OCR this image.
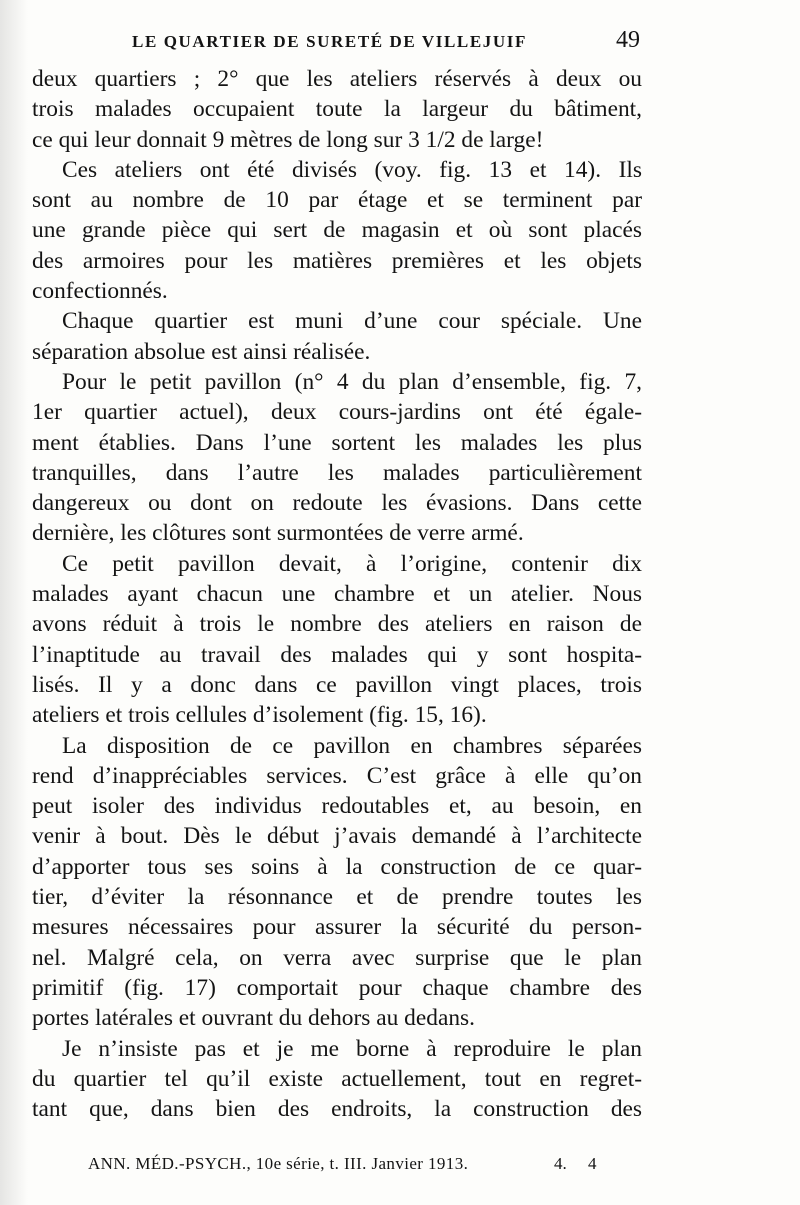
LE QUARTIER DE SURETÉ DE VILLEJUIF	49
deux quartiers ; 2° que les ateliers réservés à deux ou
trois malades occupaient toute la largeur du bâtiment,
ce qui leur donnait 9 mètres de long sur 3 1/2 de large!
Ces ateliers ont été divisés (voy. fig. 13 et 14). Ils
sont au nombre de 10 par étage et se terminent par
une grande pièce qui sert de magasin et où sont placés
des armoires pour les matières premières et les objets
confectionnés.
Chaque quartier est muni d’une cour spéciale. Une
séparation absolue est ainsi réalisée.
Pour le petit pavillon (n° 4 du plan d’ensemble, fig. 7,
1er quartier actuel), deux cours-jardins ont été égale-
ment établies. Dans l’une sortent les malades les plus
tranquilles, dans l’autre les malades particulièrement
dangereux ou dont on redoute les évasions. Dans cette
dernière, les clôtures sont surmontées de verre armé.
Ce petit pavillon devait, à l’origine, contenir dix
malades ayant chacun une chambre et un atelier. Nous
avons réduit à trois le nombre des ateliers en raison de
l’inaptitude au travail des malades qui y sont hospita-
lisés. Il y a donc dans ce pavillon vingt places, trois
ateliers et trois cellules d’isolement (fig. 15, 16).
La disposition de ce pavillon en chambres séparées
rend d’inappréciables services. C’est grâce à elle qu’on
peut isoler des individus redoutables et, au besoin, en
venir à bout. Dès le début j’avais demandé à l’architecte
d’apporter tous ses soins à la construction de ce quar-
tier, d’éviter la résonnance et de prendre toutes les
mesures nécessaires pour assurer la sécurité du person-
nel. Malgré cela, on verra avec surprise que le plan
primitif (fig. 17) comportait pour chaque chambre des
portes latérales et ouvrant du dehors au dedans.
Je n’insiste pas et je me borne à reproduire le plan
du quartier tel qu’il existe actuellement, tout en regret-
tant que, dans bien des endroits, la construction des
ANN. MÉD.-PSYCH., 10e série, t. III. Janvier 1913.	4. 4
